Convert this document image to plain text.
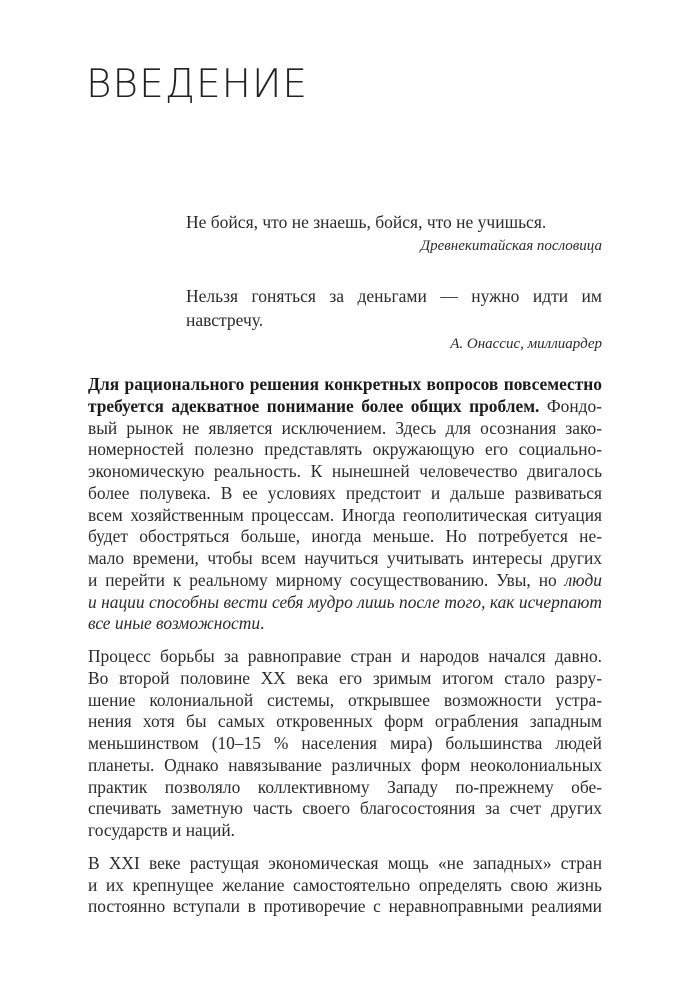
ВВЕДЕНИЕ
Не бойся, что не знаешь, бойся, что не учишься.
Древнекитайская пословица
Нельзя гоняться за деньгами — нужно идти им
навстречу.
А. Онассис, миллиардер
Для рационального решения конкретных вопросов повсеместно
требуется адекватное понимание более общих проблем. Фондо-
вый рынок не является исключением. Здесь для осознания зако-
номерностей полезно представлять окружающую его социально-
экономическую реальность. К нынешней человечество двигалось
более полувека. В ее условиях предстоит и дальше развиваться
всем хозяйственным процессам. Иногда геополитическая ситуация
будет обостряться больше, иногда меньше. Но потребуется не-
мало времени, чтобы всем научиться учитывать интересы других
и перейти к реальному мирному сосуществованию. Увы, но люди
и нации способны вести себя мудро лишь после того, как исчерпают
все иные возможности.
Процесс борьбы за равноправие стран и народов начался давно.
Во второй половине XX века его зримым итогом стало разру-
шение колониальной системы, открывшее возможности устра-
нения хотя бы самых откровенных форм ограбления западным
меньшинством (10–15 % населения мира) большинства людей
планеты. Однако навязывание различных форм неоколониальных
практик позволяло коллективному Западу по-прежнему обе-
спечивать заметную часть своего благосостояния за счет других
государств и наций.
В XXI веке растущая экономическая мощь «не западных» стран
и их крепнущее желание самостоятельно определять свою жизнь
постоянно вступали в противоречие с неравноправными реалиями
